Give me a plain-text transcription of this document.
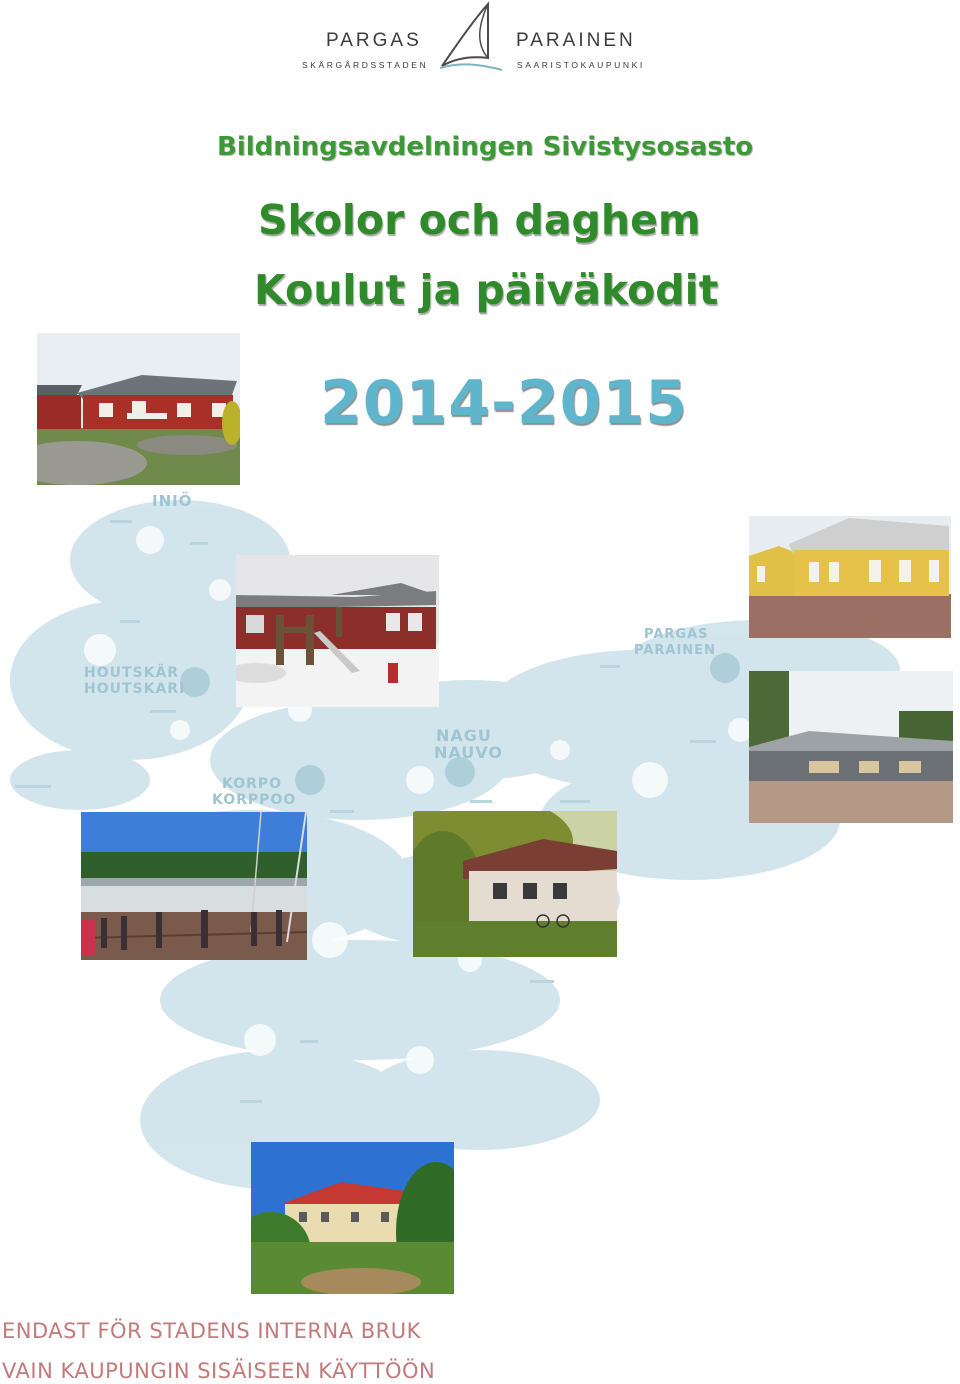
PARGAS
SKÄRGÅRDSSTADEN
PARAINEN
SAARISTOKAUPUNKI
Bildningsavdelningen Sivistysosasto
Skolor och daghem
Koulut ja päiväkodit
2014-2015
INIÖ
HOUTSKÄR
HOUTSKARI
KORPO
KORPPOO
NAGU
NAUVO
PARGAS
PARAINEN
ENDAST FÖR STADENS INTERNA BRUK
VAIN KAUPUNGIN SISÄISEEN KÄYTTÖÖN
